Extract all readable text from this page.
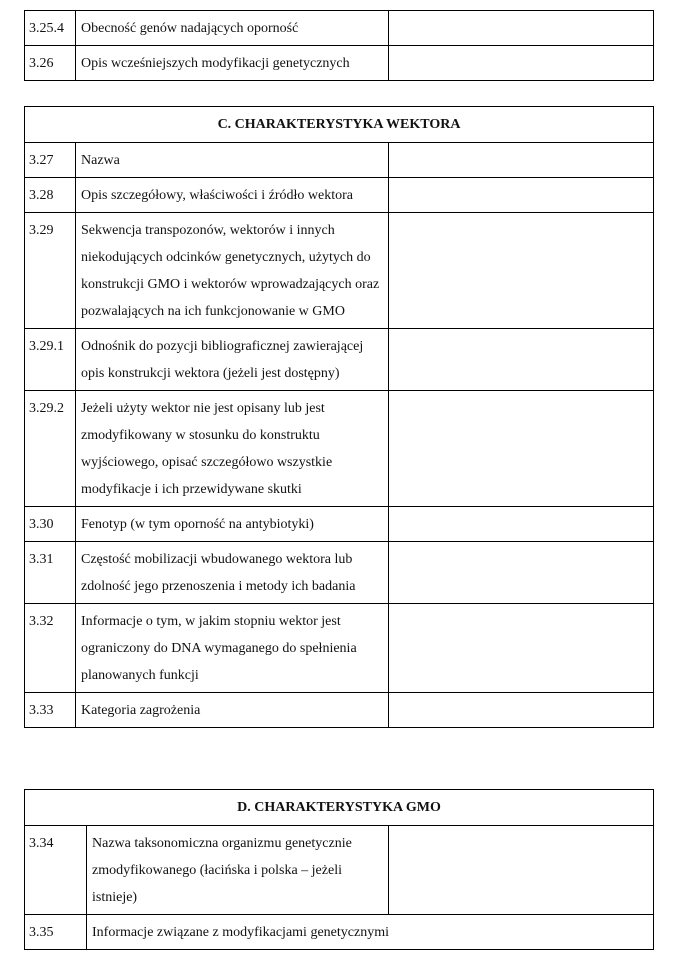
3.25.4	Obecność genów nadających oporność	
3.26	Opis wcześniejszych modyfikacji genetycznych	
C. CHARAKTERYSTYKA WEKTORA		
3.27	Nazwa	
3.28	Opis szczegółowy, właściwości i źródło wektora	
3.29	Sekwencja transpozonów, wektorów i innych niekodujących odcinków genetycznych, użytych do konstrukcji GMO i wektorów wprowadzających oraz pozwalających na ich funkcjonowanie w GMO	
3.29.1	Odnośnik do pozycji bibliograficznej zawierającej opis konstrukcji wektora (jeżeli jest dostępny)	
3.29.2	Jeżeli użyty wektor nie jest opisany lub jest zmodyfikowany w stosunku do konstruktu wyjściowego, opisać szczegółowo wszystkie modyfikacje i ich przewidywane skutki	
3.30	Fenotyp (w tym oporność na antybiotyki)	
3.31	Częstość mobilizacji wbudowanego wektora lub zdolność jego przenoszenia i metody ich badania	
3.32	Informacje o tym, w jakim stopniu wektor jest ograniczony do DNA wymaganego do spełnienia planowanych funkcji	
3.33	Kategoria zagrożenia	
D. CHARAKTERYSTYKA GMO		
3.34	Nazwa taksonomiczna organizmu genetycznie zmodyfikowanego (łacińska i polska – jeżeli istnieje)	
3.35	Informacje związane z modyfikacjami genetycznymi	
